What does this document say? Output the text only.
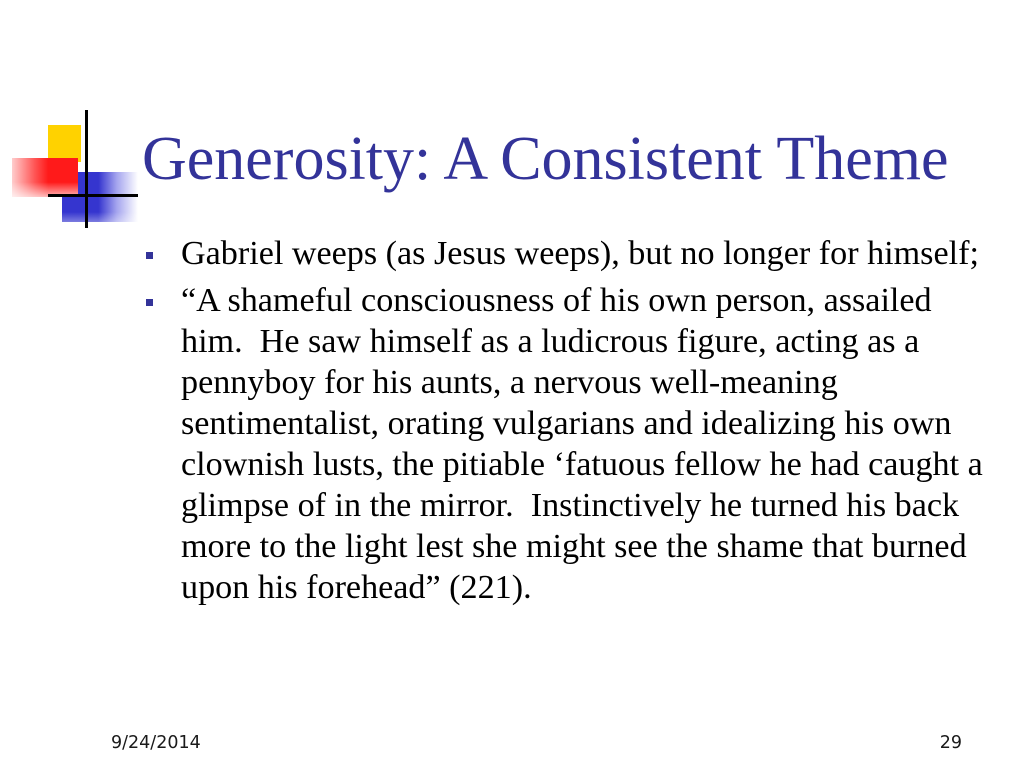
Generosity: A Consistent Theme
Gabriel weeps (as Jesus weeps), but no longer for himself;
“A shameful consciousness of his own person, assailed him.  He saw himself as a ludicrous figure, acting as a pennyboy for his aunts, a nervous well-meaning sentimentalist, orating vulgarians and idealizing his own clownish lusts, the pitiable ‘fatuous fellow he had caught a glimpse of in the mirror.  Instinctively he turned his back more to the light lest she might see the shame that burned upon his forehead” (221).
9/24/2014	29
